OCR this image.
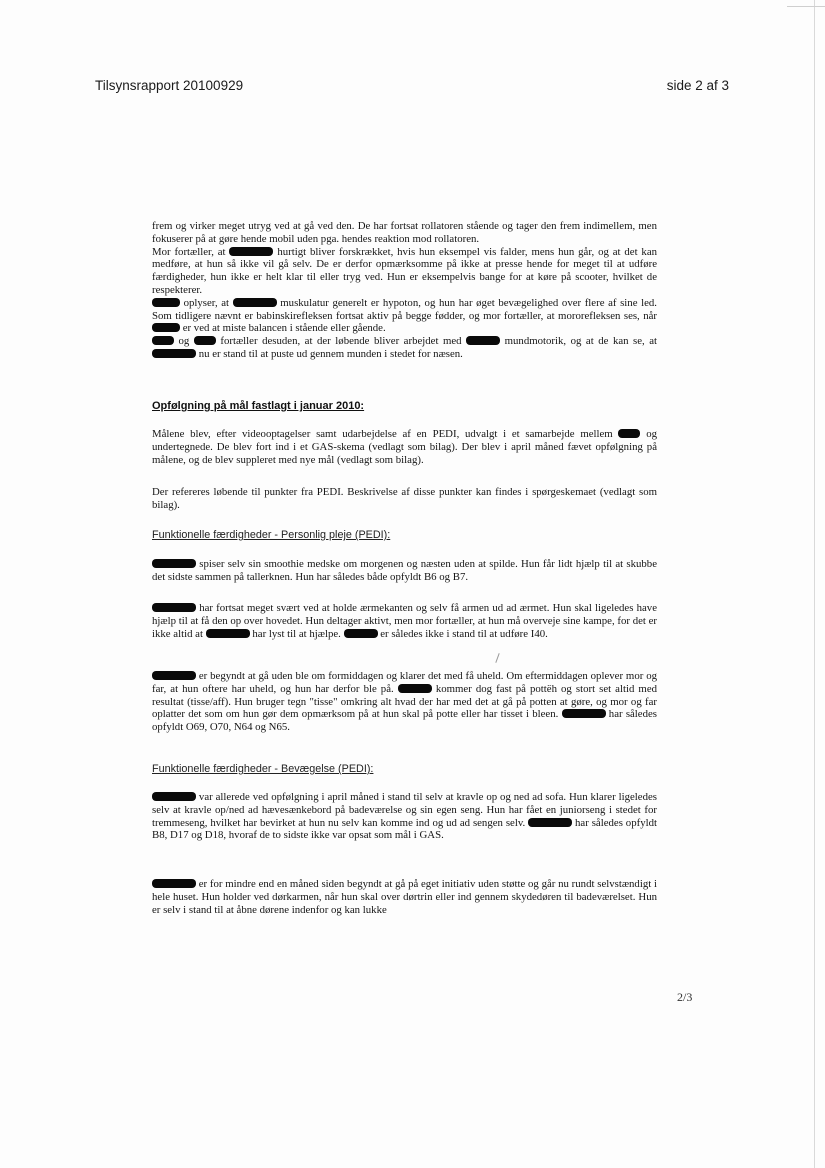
Tilsynsrapport 20100929	side 2 af 3

frem og virker meget utryg ved at gå ved den. De har fortsat rollatoren stående og tager den frem indimellem, men fokuserer på at gøre hende mobil uden pga. hendes reaktion mod rollatoren.

Mor fortæller, at	hurtigt bliver forskrækket, hvis hun eksempel vis falder, mens hun går, og at det kan medføre, at hun så ikke vil gå selv. De er derfor opmærksomme på ikke at presse hende for meget til at udføre færdigheder, hun ikke er helt klar til eller tryg ved. Hun er eksempelvis bange for at køre på scooter, hvilket de respekterer.

oplyser, at	muskulatur generelt er hypoton, og hun har øget bevægelighed over flere af sine led. Som tidligere nævnt er babinskirefleksen fortsat aktiv på begge fødder, og mor fortæller, at mororefleksen ses, når  er ved at miste balancen i stående eller gående.

og	fortæller desuden, at der løbende bliver arbejdet med	mundmotorik, og at de kan se, at  nu er stand til at puste ud gennem munden i stedet for næsen.

Opfølgning på mål fastlagt i januar 2010:
Målene blev, efter videooptagelser samt udarbejdelse af en PEDI, udvalgt i et samarbejde mellem	og undertegnede. De blev fort ind i et GAS-skema (vedlagt som bilag). Der blev i april måned fævet opfølgning på målene, og de blev suppleret med nye mål (vedlagt som bilag).
Der refereres løbende til punkter fra PEDI. Beskrivelse af disse punkter kan findes i spørgeskemaet (vedlagt som bilag).
Funktionelle færdigheder - Personlig pleje (PEDI):
spiser selv sin smoothie medske om morgenen og næsten uden at spilde. Hun får lidt hjælp til at skubbe det sidste sammen på tallerknen. Hun har således både opfyldt B6 og B7.
har fortsat meget svært ved at holde ærmekanten og selv få armen ud ad ærmet. Hun skal ligeledes have hjælp til at få den op over hovedet. Hun deltager aktivt, men mor fortæller, at hun må overveje sine kampe, for det er ikke altid at	har lyst til at hjælpe.	er således ikke i stand til at udføre I40.
er begyndt at gå uden ble om formiddagen og klarer det med få uheld. Om eftermiddagen oplever mor og far, at hun oftere har uheld, og hun har derfor ble på.	kommer dog fast på pottëh og stort set altid med resultat (tisse/aff). Hun bruger tegn "tisse" omkring alt hvad der har med det at gå på potten at gøre, og mor og far oplatter det som om hun gør dem opmærksom på at hun skal på potte eller har tisset i bleen.	har således opfyldt O69, O70, N64 og N65.
Funktionelle færdigheder - Bevægelse (PEDI):
var allerede ved opfølgning i april måned i stand til selv at kravle op og ned ad sofa. Hun klarer ligeledes selv at kravle op/ned ad hævesænkebord på badeværelse og sin egen seng. Hun har fået en juniorseng i stedet for tremmeseng, hvilket har bevirket at hun nu selv kan komme ind og ud ad sengen selv.	har således opfyldt B8, D17 og D18, hvoraf de to sidste ikke var opsat som mål i GAS.
er for mindre end en måned siden begyndt at gå på eget initiativ uden støtte og går nu rundt selvstændigt i hele huset. Hun holder ved dørkarmen, når hun skal over dørtrin eller ind gennem skydedøren til badeværelset. Hun er selv i stand til at åbne dørene indenfor og kan lukke
2/3
